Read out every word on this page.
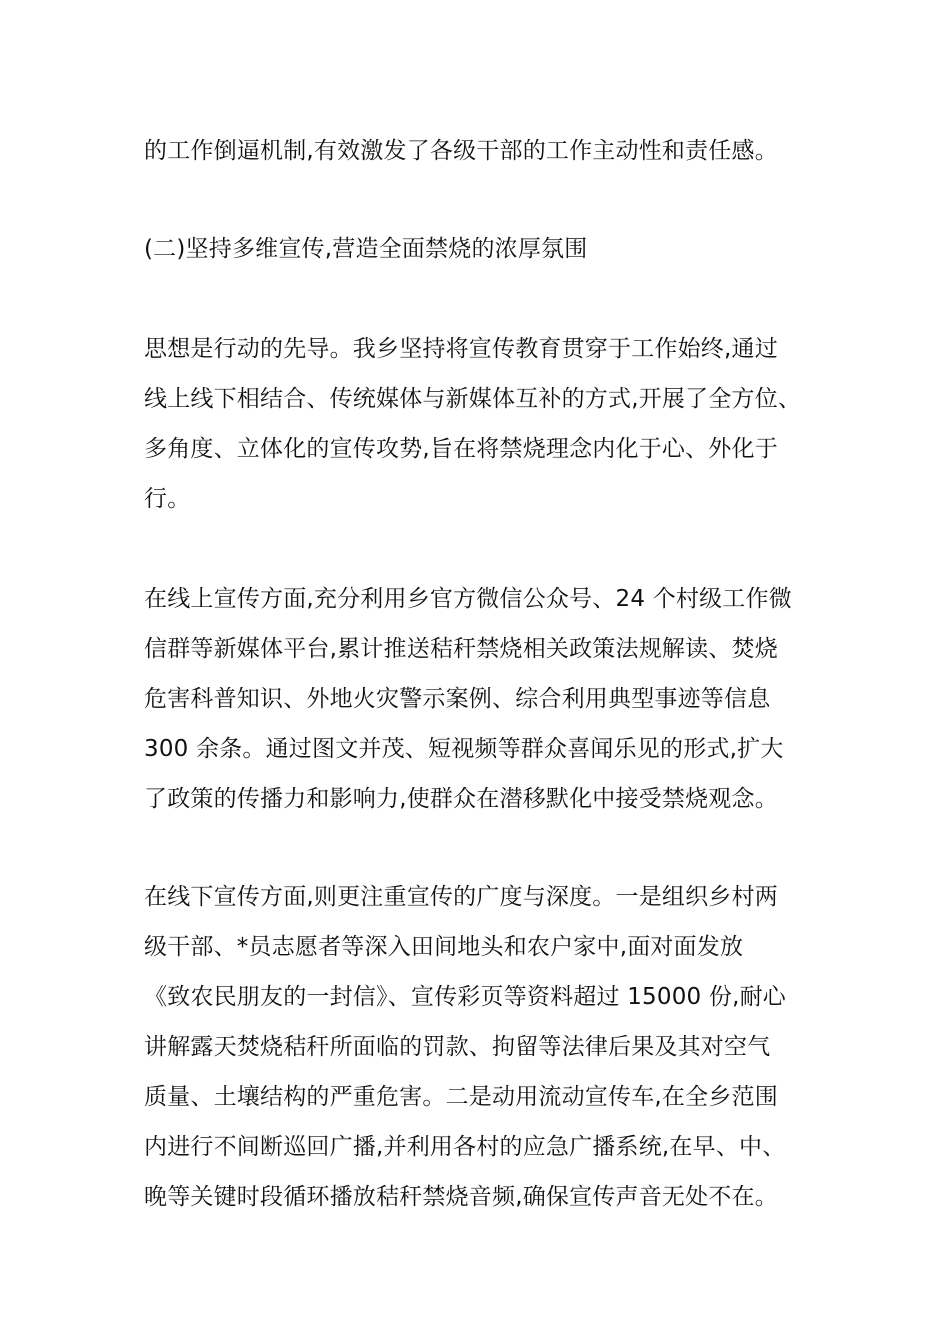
的工作倒逼机制,有效激发了各级干部的工作主动性和责任感。
(二)坚持多维宣传,营造全面禁烧的浓厚氛围
思想是行动的先导。我乡坚持将宣传教育贯穿于工作始终,通过
线上线下相结合、传统媒体与新媒体互补的方式,开展了全方位、
多角度、立体化的宣传攻势,旨在将禁烧理念内化于心、外化于
行。
在线上宣传方面,充分利用乡官方微信公众号、24 个村级工作微
信群等新媒体平台,累计推送秸秆禁烧相关政策法规解读、焚烧
危害科普知识、外地火灾警示案例、综合利用典型事迹等信息
300 余条。通过图文并茂、短视频等群众喜闻乐见的形式,扩大
了政策的传播力和影响力,使群众在潜移默化中接受禁烧观念。
在线下宣传方面,则更注重宣传的广度与深度。一是组织乡村两
级干部、*员志愿者等深入田间地头和农户家中,面对面发放
《致农民朋友的一封信》、宣传彩页等资料超过 15000 份,耐心
讲解露天焚烧秸秆所面临的罚款、拘留等法律后果及其对空气
质量、土壤结构的严重危害。二是动用流动宣传车,在全乡范围
内进行不间断巡回广播,并利用各村的应急广播系统,在早、中、
晚等关键时段循环播放秸秆禁烧音频,确保宣传声音无处不在。
